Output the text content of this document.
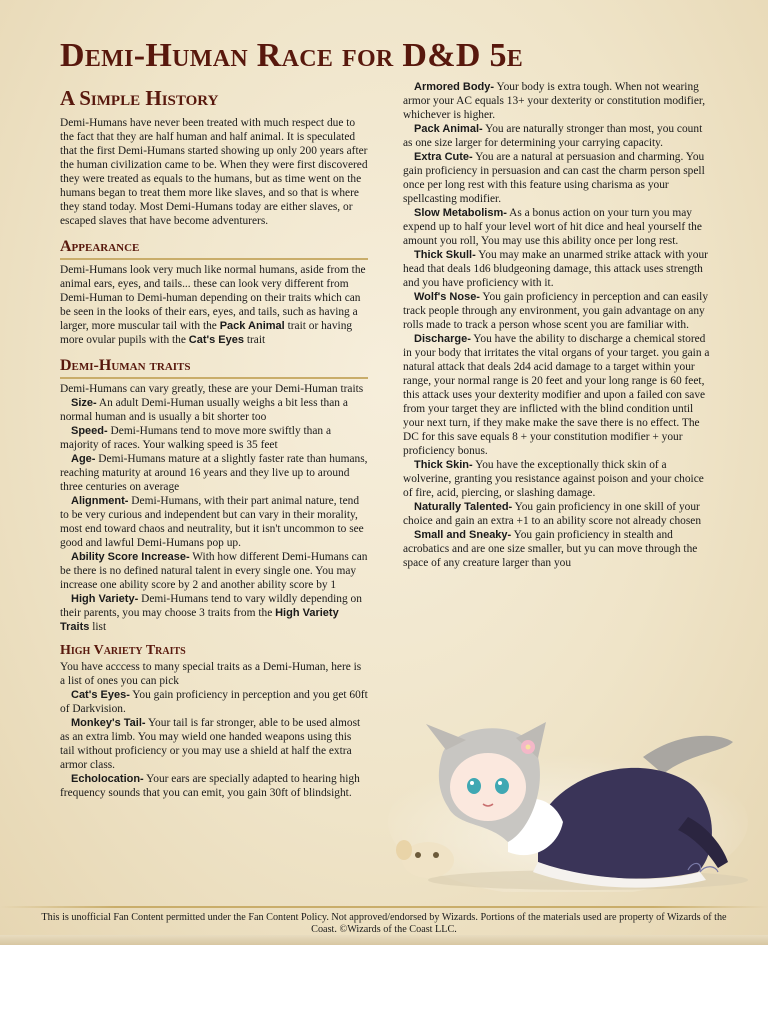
Demi-Human Race for D&D 5e
A Simple History

Demi-Humans have never been treated with much respect due to the fact that they are half human and half animal. It is speculated that the first Demi-Humans started showing up only 200 years after the human civilization came to be. When they were first discovered they were treated as equals to the humans, but as time went on the humans began to treat them more like slaves, and so that is where they stand today. Most Demi-Humans today are either slaves, or escaped slaves that have become adventurers.

Appearance

Demi-Humans look very much like normal humans, aside from the animal ears, eyes, and tails... these can look very different from Demi-Human to Demi-human depending on their traits which can be seen in the looks of their ears, eyes, and tails, such as having a larger, more muscular tail with the Pack Animal trait or having more ovular pupils with the Cat's Eyes trait

Demi-Human traits

Demi-Humans can vary greatly, these are your Demi-Human traits

Size- An adult Demi-Human usually weighs a bit less than a normal human and is usually a bit shorter too

Speed- Demi-Humans tend to move more swiftly than a majority of races. Your walking speed is 35 feet

Age- Demi-Humans mature at a slightly faster rate than humans, reaching maturity at around 16 years and they live up to around three centuries on average

Alignment- Demi-Humans, with their part animal nature, tend to be very curious and independent but can vary in their morality, most end toward chaos and neutrality, but it isn't uncommon to see good and lawful Demi-Humans pop up.

Ability Score Increase- With how different Demi-Humans can be there is no defined natural talent in every single one. You may increase one ability score by 2 and another ability score by 1

High Variety- Demi-Humans tend to vary wildly depending on their parents, you may choose 3 traits from the High Variety Traits list

High Variety Traits

You have acccess to many special traits as a Demi-Human, here is a list of ones you can pick

Cat's Eyes- You gain proficiency in perception and you get 60ft of Darkvision.

Monkey's Tail- Your tail is far stronger, able to be used almost as an extra limb. You may wield one handed weapons using this tail without proficiency or you may use a shield at half the extra armor class.

Echolocation- Your ears are specially adapted to hearing high frequency sounds that you can emit, you gain 30ft of blindsight.

Armored Body- Your body is extra tough. When not wearing armor your AC equals 13+ your dexterity or constitution modifier, whichever is higher.

Pack Animal- You are naturally stronger than most, you count as one size larger for determining your carrying capacity.

Extra Cute- You are a natural at persuasion and charming. You gain proficiency in persuasion and can cast the charm person spell once per long rest with this feature using charisma as your spellcasting modifier.

Slow Metabolism- As a bonus action on your turn you may expend up to half your level wort of hit dice and heal yourself the amount you roll, You may use this ability once per long rest.

Thick Skull- You may make an unarmed strike attack with your head that deals 1d6 bludgeoning damage, this attack uses strength and you have proficiency with it.

Wolf's Nose- You gain proficiency in perception and can easily track people through any environment, you gain advantage on any rolls made to track a person whose scent you are familiar with.

Discharge- You have the ability to discharge a chemical stored in your body that irritates the vital organs of your target. you gain a natural attack that deals 2d4 acid damage to a target within your range, your normal range is 20 feet and your long range is 60 feet, this attack uses your dexterity modifier and upon a failed con save from your target they are inflicted with the blind condition until your next turn, if they make make the save there is no effect. The DC for this save equals 8 + your constitution modifier + your proficiency bonus.

Thick Skin- You have the exceptionally thick skin of a wolverine, granting you resistance against poison and your choice of fire, acid, piercing, or slashing damage.

Naturally Talented- You gain proficiency in one skill of your choice and gain an extra +1 to an ability score not already chosen

Small and Sneaky- You gain proficiency in stealth and acrobatics and are one size smaller, but yu can move through the space of any creature larger than you

This is unofficial Fan Content permitted under the Fan Content Policy. Not approved/endorsed by Wizards. Portions of the materials used are property of Wizards of the Coast. ©Wizards of the Coast LLC.
